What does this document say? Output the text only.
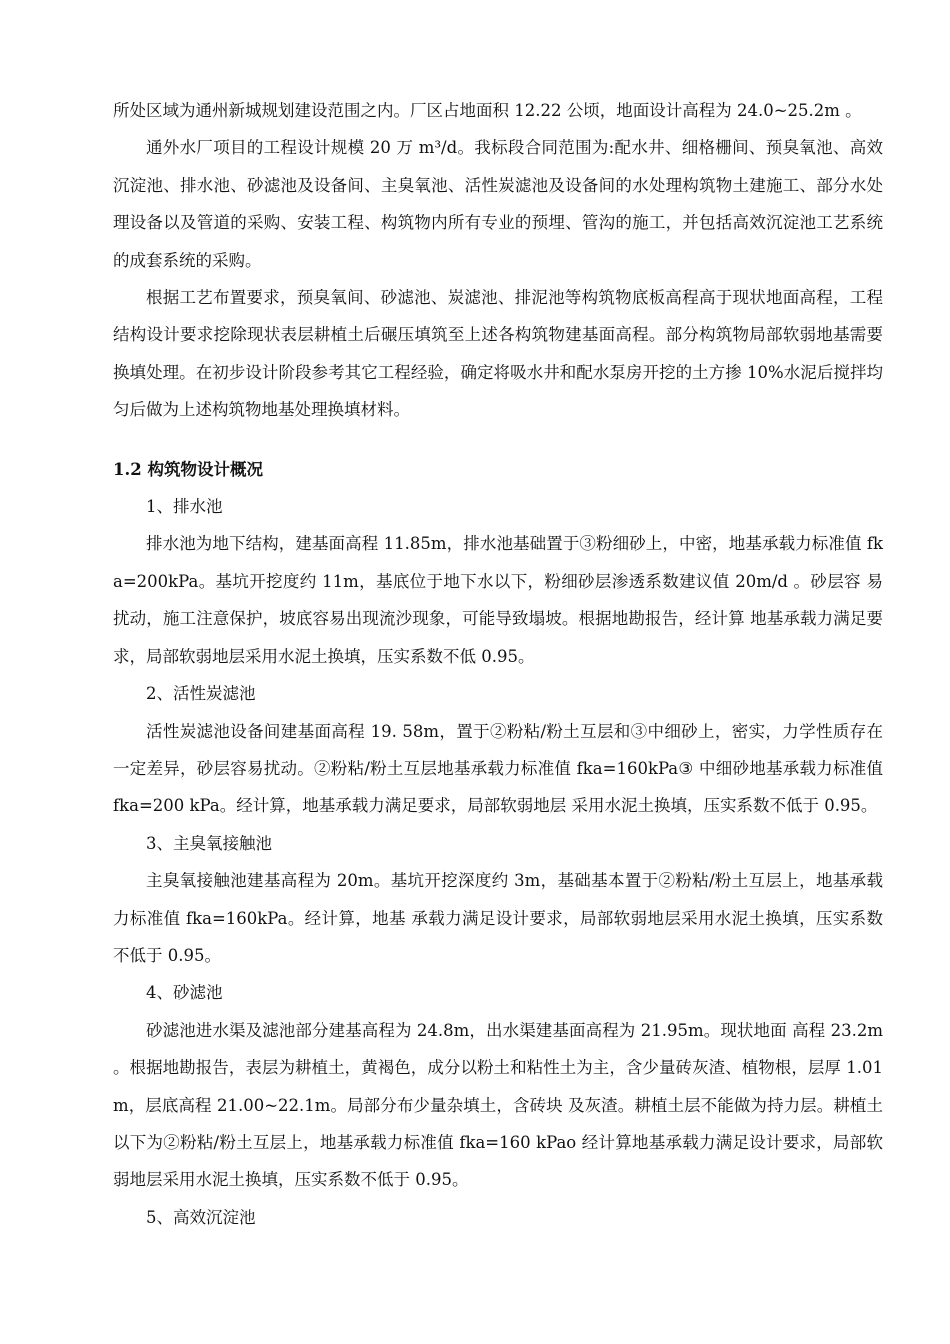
所处区域为通州新城规划建设范围之内。厂区占地面积 12.22 公顷，地面设计高程为 24.0~25.2m 。

通外水厂项目的工程设计规模 20 万 m³/d。我标段合同范围为:配水井、细格栅间、预臭氧池、高效沉淀池、排水池、砂滤池及设备间、主臭氧池、活性炭滤池及设备间的水处理构筑物土建施工、部分水处理设备以及管道的采购、安装工程、构筑物内所有专业的预埋、管沟的施工，并包括高效沉淀池工艺系统的成套系统的采购。

根据工艺布置要求，预臭氧间、砂滤池、炭滤池、排泥池等构筑物底板高程高于现状地面高程，工程结构设计要求挖除现状表层耕植土后碾压填筑至上述各构筑物建基面高程。部分构筑物局部软弱地基需要换填处理。在初步设计阶段参考其它工程经验，确定将吸水井和配水泵房开挖的土方掺 10%水泥后搅拌均匀后做为上述构筑物地基处理换填材料。

1.2 构筑物设计概况

1、排水池

排水池为地下结构，建基面高程 11.85m，排水池基础置于③粉细砂上，中密，地基承载力标准值 fka=200kPa。基坑开挖度约 11m，基底位于地下水以下，粉细砂层渗透系数建议值 20m/d 。砂层容 易扰动，施工注意保护，坡底容易出现流沙现象，可能导致塌坡。根据地勘报告，经计算 地基承载力满足要求，局部软弱地层采用水泥土换填，压实系数不低 0.95。

2、活性炭滤池

活性炭滤池设备间建基面高程 19. 58m，置于②粉粘/粉土互层和③中细砂上，密实，力学性质存在一定差异，砂层容易扰动。②粉粘/粉土互层地基承载力标准值 fka=160kPa③ 中细砂地基承载力标准值 fka=200 kPa。经计算，地基承载力满足要求，局部软弱地层 采用水泥土换填，压实系数不低于 0.95。

3、主臭氧接触池

主臭氧接触池建基高程为 20m。基坑开挖深度约 3m，基础基本置于②粉粘/粉土互层上，地基承载力标准值 fka=160kPa。经计算，地基 承载力满足设计要求，局部软弱地层采用水泥土换填，压实系数不低于 0.95。

4、砂滤池

砂滤池进水渠及滤池部分建基高程为 24.8m，出水渠建基面高程为 21.95m。现状地面 高程 23.2m 。根据地勘报告，表层为耕植土，黄褐色，成分以粉土和粘性土为主，含少量砖灰渣、植物根，层厚 1.01m，层底高程 21.00~22.1m。局部分布少量杂填土，含砖块 及灰渣。耕植土层不能做为持力层。耕植土以下为②粉粘/粉土互层上，地基承载力标准值 fka=160 kPao 经计算地基承载力满足设计要求，局部软弱地层采用水泥土换填，压实系数不低于 0.95。

5、高效沉淀池
